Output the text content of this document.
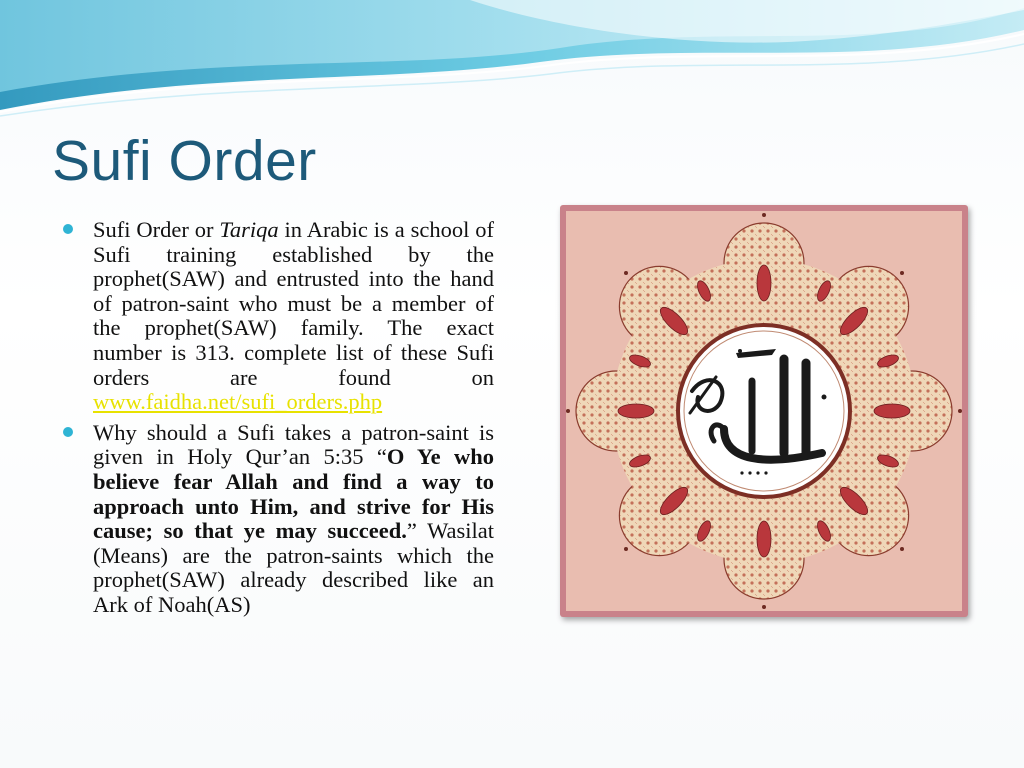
Sufi Order
Sufi Order or Tariqa in Arabic is a school of Sufi training established by the prophet(SAW) and entrusted into the hand of patron-saint who must be a member of the prophet(SAW) family. The exact number is 313. complete list of these Sufi orders are found on www.faidha.net/sufi_orders.php
Why should a Sufi takes a patron-saint is given in Holy Qur’an 5:35 “O Ye who believe fear Allah and find a way to approach unto Him, and strive for His cause; so that ye may succeed.” Wasilat (Means) are the patron-saints which the prophet(SAW) already described like an Ark of Noah(AS)
